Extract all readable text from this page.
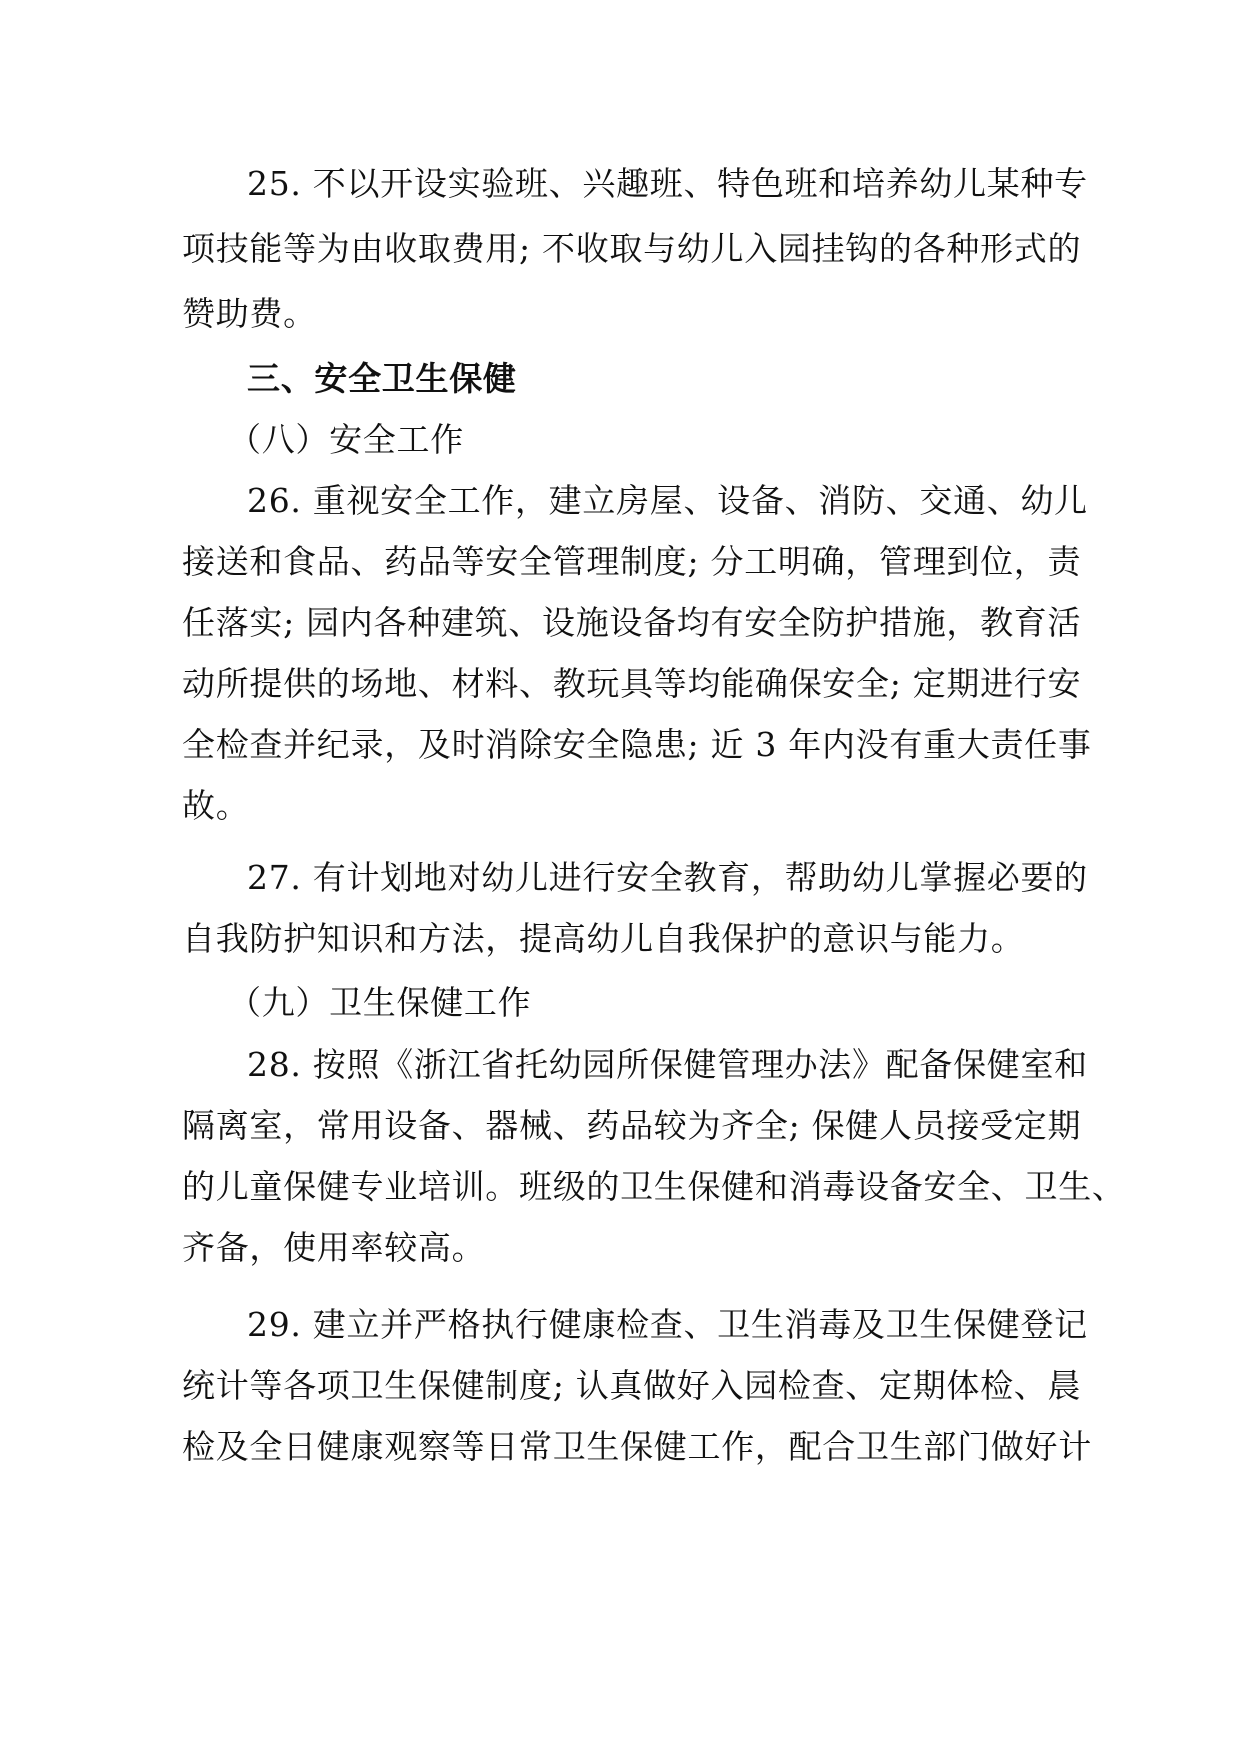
25. 不以开设实验班、兴趣班、特色班和培养幼儿某种专
项技能等为由收取费用; 不收取与幼儿入园挂钩的各种形式的
赞助费。
三、安全卫生保健
（八）安全工作
26. 重视安全工作，建立房屋、设备、消防、交通、幼儿
接送和食品、药品等安全管理制度; 分工明确，管理到位，责
任落实; 园内各种建筑、设施设备均有安全防护措施，教育活
动所提供的场地、材料、教玩具等均能确保安全; 定期进行安
全检查并纪录，及时消除安全隐患; 近 3 年内没有重大责任事
故。
27. 有计划地对幼儿进行安全教育，帮助幼儿掌握必要的
自我防护知识和方法，提高幼儿自我保护的意识与能力。
（九）卫生保健工作
28. 按照《浙江省托幼园所保健管理办法》配备保健室和
隔离室，常用设备、器械、药品较为齐全; 保健人员接受定期
的儿童保健专业培训。班级的卫生保健和消毒设备安全、卫生、
齐备，使用率较高。
29. 建立并严格执行健康检查、卫生消毒及卫生保健登记
统计等各项卫生保健制度; 认真做好入园检查、定期体检、晨
检及全日健康观察等日常卫生保健工作，配合卫生部门做好计
